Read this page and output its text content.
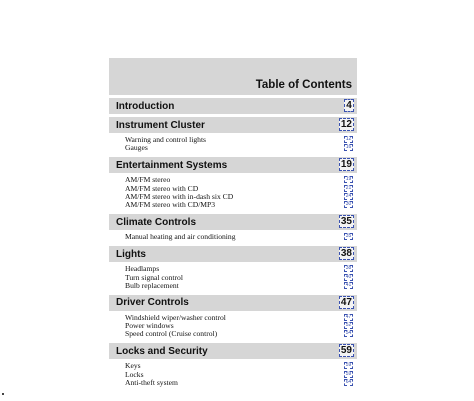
Table of Contents
Introduction	4
Instrument Cluster	12
Warning and control lights	12
Gauges	16
Entertainment Systems	19
AM/FM stereo	19
AM/FM stereo with CD	21
AM/FM stereo with in-dash six CD	24
AM/FM stereo with CD/MP3	30
Climate Controls	35
Manual heating and air conditioning	35
Lights	38
Headlamps	38
Turn signal control	40
Bulb replacement	41
Driver Controls	47
Windshield wiper/washer control	47
Power windows	52
Speed control (Cruise control)	54
Locks and Security	59
Keys	59
Locks	59
Anti-theft system	64
